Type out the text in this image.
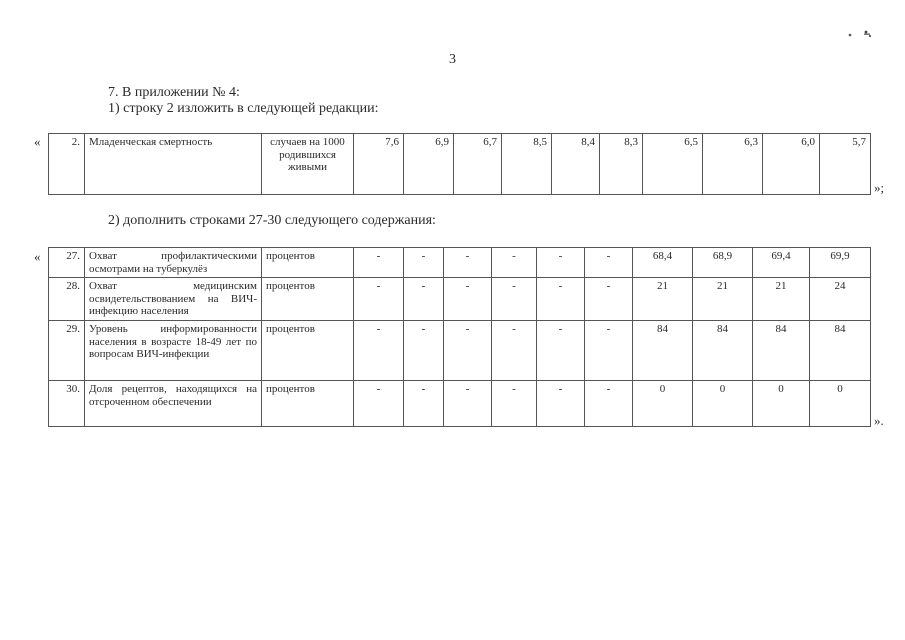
3
7. В приложении № 4:
1) строку 2 изложить в следующей редакции:
«	2.	Младенческая смертность	случаев на 1000 родившихся живыми	7,6	6,9	6,7	8,5	8,4	8,3	6,5	6,3	6,0	5,7
»;
2) дополнить строками 27-30 следующего содержания:
« 27.	Охват профилактическими осмотрами на туберкулёз	процентов	-	-	-	-	-	-	68,4	68,9	69,4	69,9
28.	Охват медицинским освидетельствованием на ВИЧ-инфекцию населения	процентов	-	-	-	-	-	-	21	21	21	24
29.	Уровень информированности населения в возрасте 18-49 лет по вопросам ВИЧ-инфекции	процентов	-	-	-	-	-	-	84	84	84	84
30.	Доля рецептов, находящихся на отсроченном обеспечении	процентов	-	-	-	-	-	-	0	0	0	0
».
